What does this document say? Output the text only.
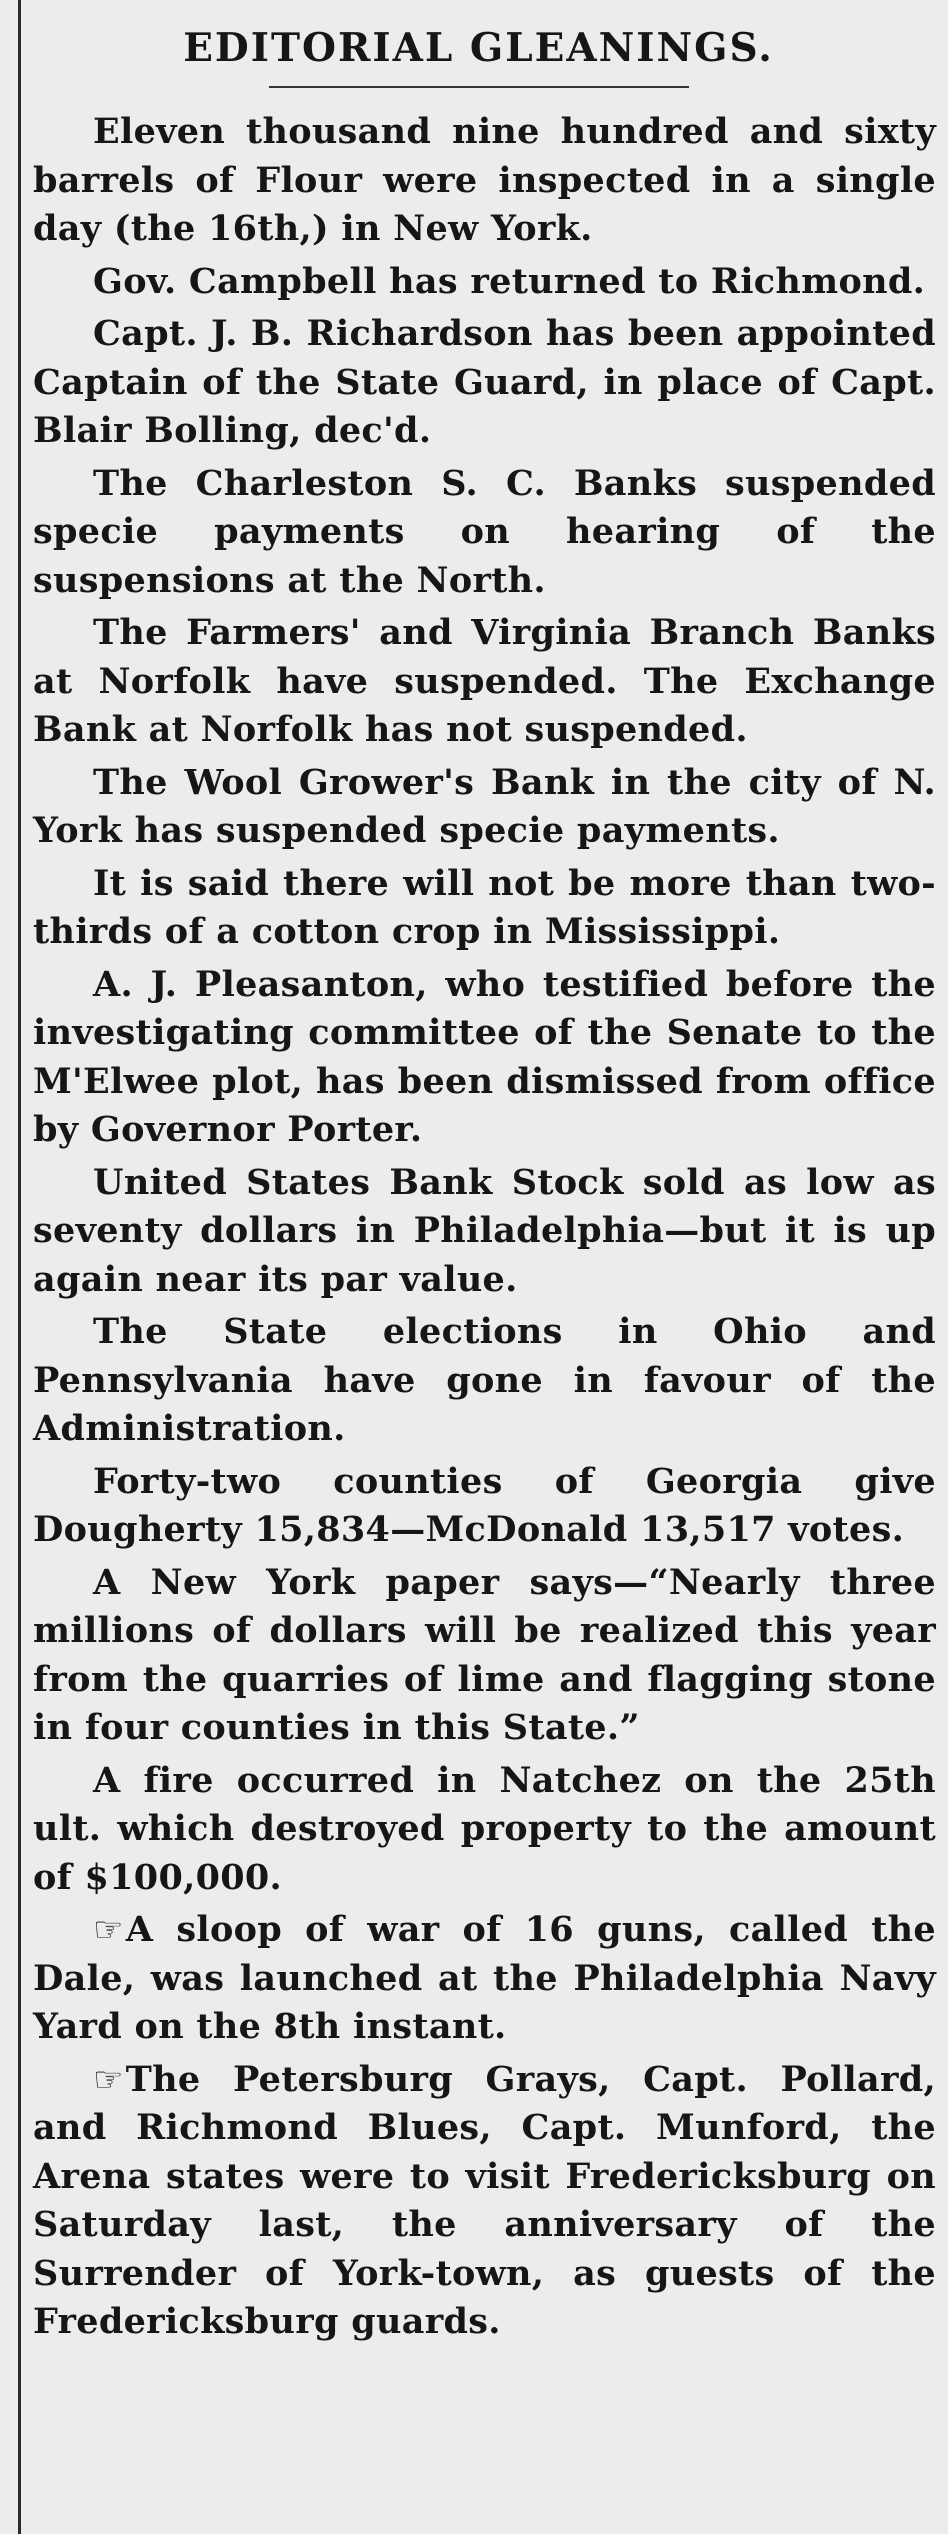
EDITORIAL GLEANINGS.

Eleven thousand nine hundred and sixty barrels of Flour were inspected in a single day (the 16th,) in New York.

Gov. Campbell has returned to Richmond.

Capt. J. B. Richardson has been appointed Captain of the State Guard, in place of Capt. Blair Bolling, dec'd.

The Charleston S. C. Banks suspended specie payments on hearing of the suspensions at the North.

The Farmers' and Virginia Branch Banks at Norfolk have suspended. The Exchange Bank at Norfolk has not suspended.

The Wool Grower's Bank in the city of N. York has suspended specie payments.

It is said there will not be more than two-thirds of a cotton crop in Mississippi.

A. J. Pleasanton, who testified before the investigating committee of the Senate to the M'Elwee plot, has been dismissed from office by Governor Porter.

United States Bank Stock sold as low as seventy dollars in Philadelphia—but it is up again near its par value.

The State elections in Ohio and Pennsylvania have gone in favour of the Administration.

Forty-two counties of Georgia give Dougherty 15,834—McDonald 13,517 votes.

A New York paper says—“Nearly three millions of dollars will be realized this year from the quarries of lime and flagging stone in four counties in this State.”

A fire occurred in Natchez on the 25th ult. which destroyed property to the amount of $100,000.

☞A sloop of war of 16 guns, called the Dale, was launched at the Philadelphia Navy Yard on the 8th instant.

☞The Petersburg Grays, Capt. Pollard, and Richmond Blues, Capt. Munford, the Arena states were to visit Fredericksburg on Saturday last, the anniversary of the Surrender of York-town, as guests of the Fredericksburg guards.
